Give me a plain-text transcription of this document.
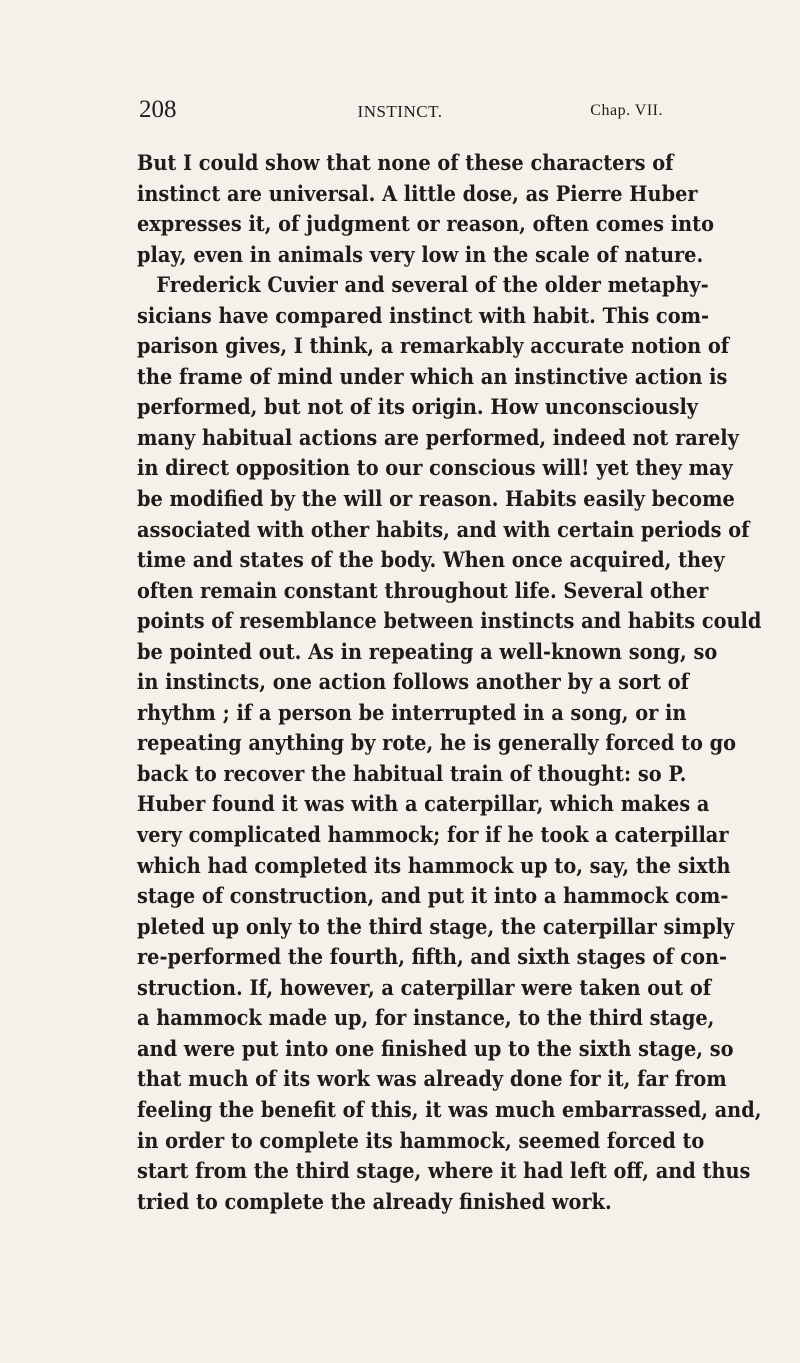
208	INSTINCT.	Chap. VII.
But I could show that none of these characters of
instinct are universal. A little dose, as Pierre Huber
expresses it, of judgment or reason, often comes into
play, even in animals very low in the scale of nature.
Frederick Cuvier and several of the older metaphy-
sicians have compared instinct with habit. This com-
parison gives, I think, a remarkably accurate notion of
the frame of mind under which an instinctive action is
performed, but not of its origin. How unconsciously
many habitual actions are performed, indeed not rarely
in direct opposition to our conscious will! yet they may
be modified by the will or reason. Habits easily become
associated with other habits, and with certain periods of
time and states of the body. When once acquired, they
often remain constant throughout life. Several other
points of resemblance between instincts and habits could
be pointed out. As in repeating a well-known song, so
in instincts, one action follows another by a sort of
rhythm ; if a person be interrupted in a song, or in
repeating anything by rote, he is generally forced to go
back to recover the habitual train of thought: so P.
Huber found it was with a caterpillar, which makes a
very complicated hammock; for if he took a caterpillar
which had completed its hammock up to, say, the sixth
stage of construction, and put it into a hammock com-
pleted up only to the third stage, the caterpillar simply
re-performed the fourth, fifth, and sixth stages of con-
struction. If, however, a caterpillar were taken out of
a hammock made up, for instance, to the third stage,
and were put into one finished up to the sixth stage, so
that much of its work was already done for it, far from
feeling the benefit of this, it was much embarrassed, and,
in order to complete its hammock, seemed forced to
start from the third stage, where it had left off, and thus
tried to complete the already finished work.
